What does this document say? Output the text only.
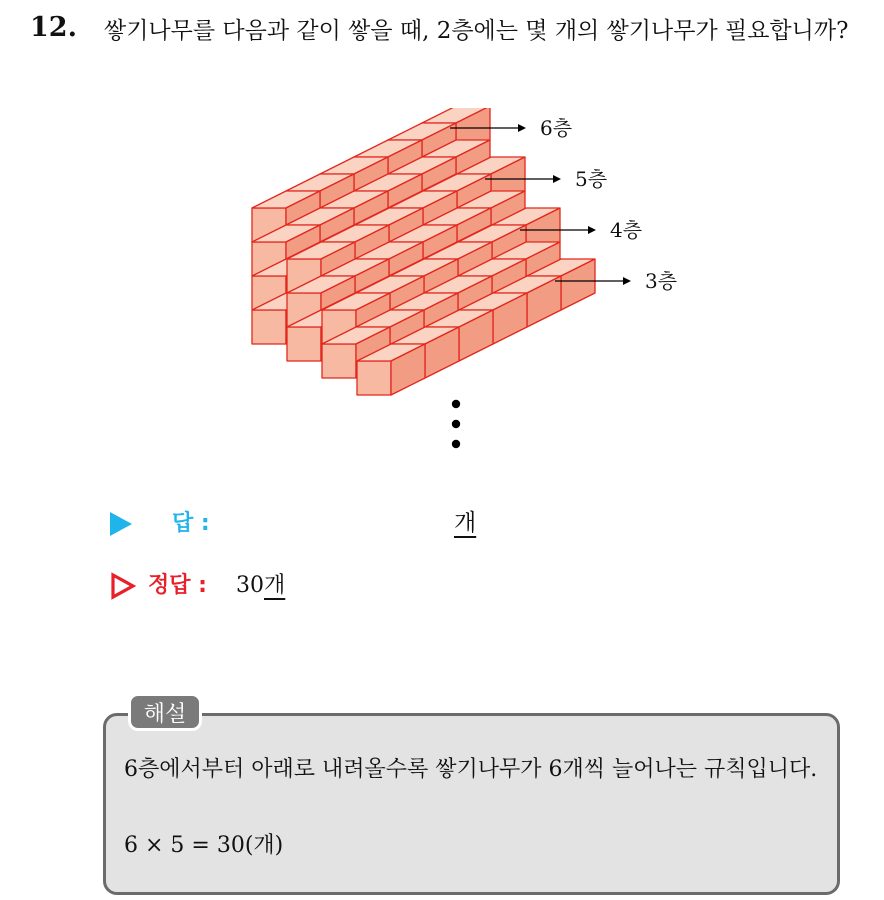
12. 쌓기나무를 다음과 같이 쌓을 때, 2층에는 몇 개의 쌓기나무가 필요합니까?
6층
5층
4층
3층
답 :	개
정답 : 30개
해설
6층에서부터 아래로 내려올수록 쌓기나무가 6개씩 늘어나는 규칙입니다.
6 × 5 = 30(개)
